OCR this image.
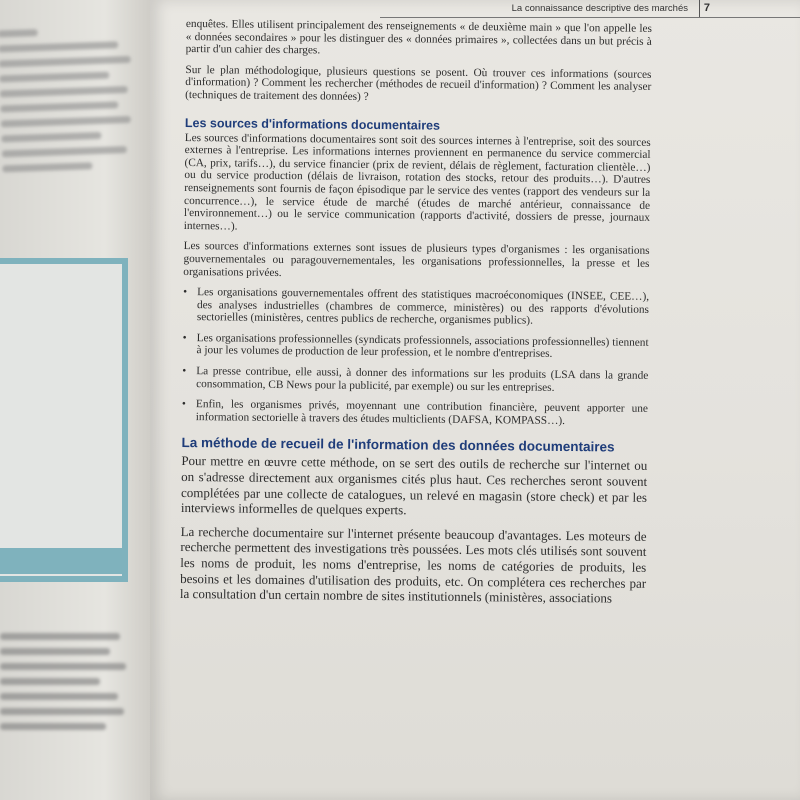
La connaissance descriptive des marchés 7

enquêtes. Elles utilisent principalement des renseignements « de deuxième main » que l'on appelle les « données secondaires » pour les distinguer des « données primaires », collectées dans un but précis à partir d'un cahier des charges.

Sur le plan méthodologique, plusieurs questions se posent. Où trouver ces informations (sources d'information) ? Comment les rechercher (méthodes de recueil d'information) ? Comment les analyser (techniques de traitement des données) ?

Les sources d'informations documentaires

Les sources d'informations documentaires sont soit des sources internes à l'entreprise, soit des sources externes à l'entreprise. Les informations internes proviennent en permanence du service commercial (CA, prix, tarifs…), du service financier (prix de revient, délais de règlement, facturation clientèle…) ou du service production (délais de livraison, rotation des stocks, retour des produits…). D'autres renseignements sont fournis de façon épisodique par le service des ventes (rapport des vendeurs sur la concurrence…), le service étude de marché (études de marché antérieur, connaissance de l'environnement…) ou le service communication (rapports d'activité, dossiers de presse, journaux internes…).

Les sources d'informations externes sont issues de plusieurs types d'organismes : les organisations gouvernementales ou paragouvernementales, les organisations professionnelles, la presse et les organisations privées.

• Les organisations gouvernementales offrent des statistiques macroéconomiques (INSEE, CEE…), des analyses industrielles (chambres de commerce, ministères) ou des rapports d'évolutions sectorielles (ministères, centres publics de recherche, organismes publics).
• Les organisations professionnelles (syndicats professionnels, associations professionnelles) tiennent à jour les volumes de production de leur profession, et le nombre d'entreprises.
• La presse contribue, elle aussi, à donner des informations sur les produits (LSA dans la grande consommation, CB News pour la publicité, par exemple) ou sur les entreprises.
• Enfin, les organismes privés, moyennant une contribution financière, peuvent apporter une information sectorielle à travers des études multiclients (DAFSA, KOMPASS…).
La méthode de recueil de l'information des données documentaires

Pour mettre en œuvre cette méthode, on se sert des outils de recherche sur l'internet ou on s'adresse directement aux organismes cités plus haut. Ces recherches seront souvent complétées par une collecte de catalogues, un relevé en magasin (store check) et par les interviews informelles de quelques experts.

La recherche documentaire sur l'internet présente beaucoup d'avantages. Les moteurs de recherche permettent des investigations très poussées. Les mots clés utilisés sont souvent les noms de produit, les noms d'entreprise, les noms de catégories de produits, les besoins et les domaines d'utilisation des produits, etc. On complétera ces recherches par la consultation d'un certain nombre de sites institutionnels (ministères, associations
